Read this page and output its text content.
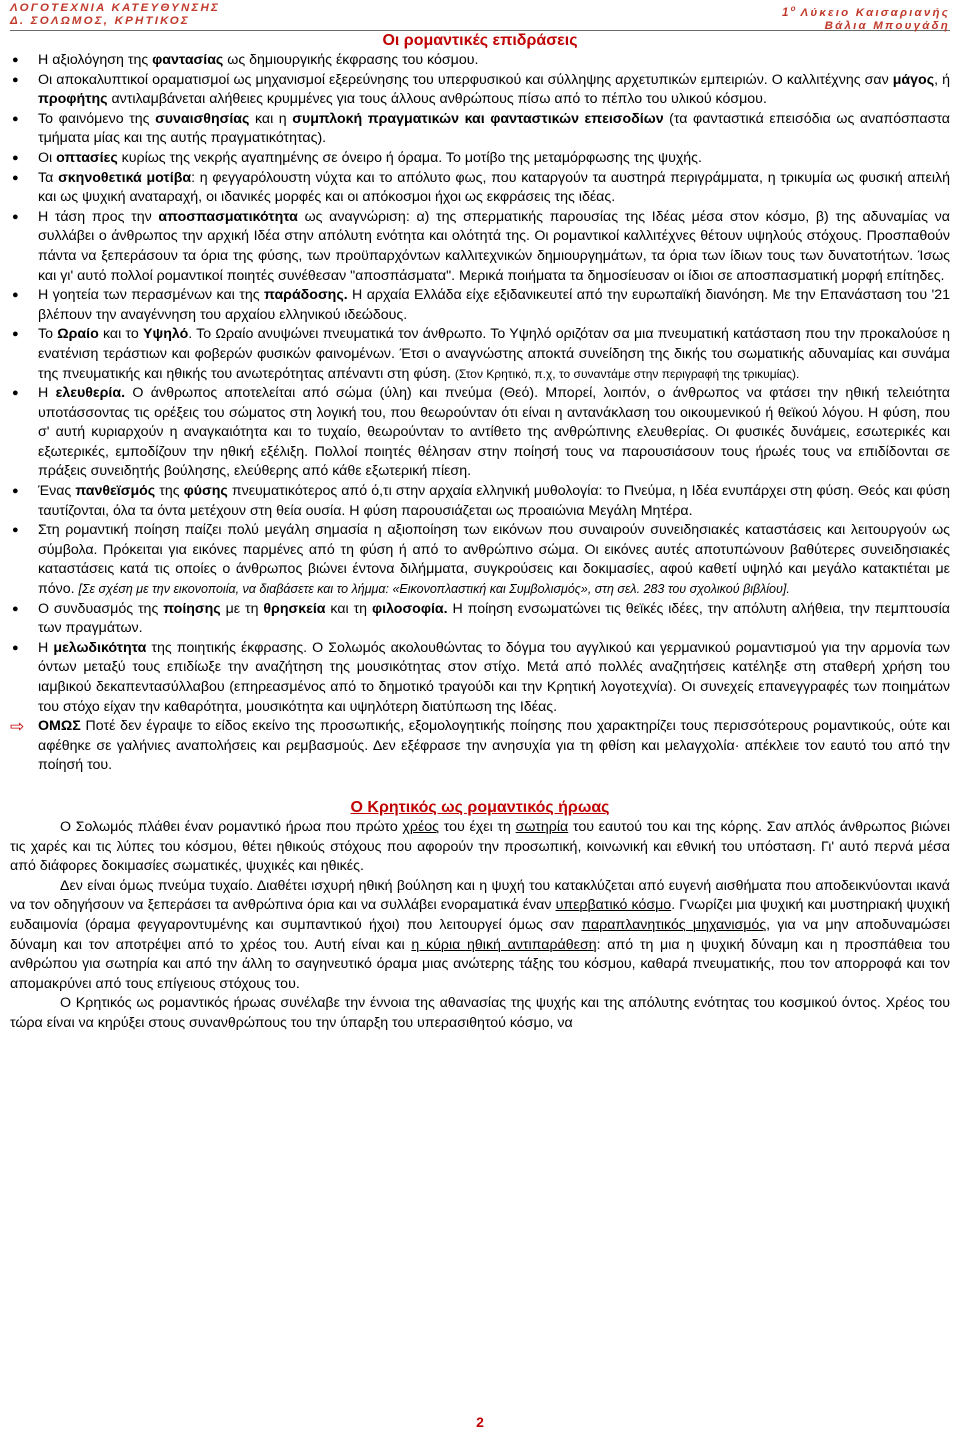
ΛΟΓΟΤΕΧΝΙΑ ΚΑΤΕΥΘΥΝΣΗΣ
Δ. ΣΟΛΩΜΟΣ, ΚΡΗΤΙΚΟΣ
$1^o$ Λύκειο Καισαριανής
Βάλια Μπουγάδη
Οι ρομαντικές επιδράσεις
●	Η αξιολόγηση της φαντασίας ως δημιουργικής έκφρασης του κόσμου.
●	Οι αποκαλυπτικοί οραματισμοί ως μηχανισμοί εξερεύνησης του υπερφυσικού και σύλληψης αρχετυπικών εμπειριών. Ο καλλιτέχνης σαν μάγος, ή προφήτης αντιλαμβάνεται αλήθειες κρυμμένες για τους άλλους ανθρώπους πίσω από το πέπλο του υλικού κόσμου.
●	Το φαινόμενο της συναισθησίας και η συμπλοκή πραγματικών και φανταστικών επεισοδίων (τα φανταστικά επεισόδια ως αναπόσπαστα τμήματα μίας και της αυτής πραγματικότητας).
●	Οι οπτασίες κυρίως της νεκρής αγαπημένης σε όνειρο ή όραμα. Το μοτίβο της μεταμόρφωσης της ψυχής.
●	Τα σκηνοθετικά μοτίβα: η φεγγαρόλουστη νύχτα και το απόλυτο φως, που καταργούν τα αυστηρά περιγράμματα, η τρικυμία ως φυσική απειλή και ως ψυχική αναταραχή, οι ιδανικές μορφές και οι απόκοσμοι ήχοι ως εκφράσεις της ιδέας.
●	Η τάση προς την αποσπασματικότητα ως αναγνώριση: α) της σπερματικής παρουσίας της Ιδέας μέσα στον κόσμο, β) της αδυναμίας να συλλάβει ο άνθρωπος την αρχική Ιδέα στην απόλυτη ενότητα και ολότητά της. Οι ρομαντικοί καλλιτέχνες θέτουν υψηλούς στόχους. Προσπαθούν πάντα να ξεπεράσουν τα όρια της φύσης, των προϋπαρχόντων καλλιτεχνικών δημιουργημάτων, τα όρια των ίδιων τους των δυνατοτήτων. Ίσως και γι' αυτό πολλοί ρομαντικοί ποιητές συνέθεσαν "αποσπάσματα". Μερικά ποιήματα τα δημοσίευσαν οι ίδιοι σε αποσπασματική μορφή επίτηδες.
●	Η γοητεία των περασμένων και της παράδοσης. Η αρχαία Ελλάδα είχε εξιδανικευτεί από την ευρωπαϊκή διανόηση. Με την Επανάσταση του '21 βλέπουν την αναγέννηση του αρχαίου ελληνικού ιδεώδους.
●	Το Ωραίο και το Υψηλό. Το Ωραίο ανυψώνει πνευματικά τον άνθρωπο. Το Υψηλό οριζόταν σα μια πνευματική κατάσταση που την προκαλούσε η ενατένιση τεράστιων και φοβερών φυσικών φαινομένων. Έτσι ο αναγνώστης αποκτά συνείδηση της δικής του σωματικής αδυναμίας και συνάμα της πνευματικής και ηθικής του ανωτερότητας απέναντι στη φύση. (Στον Κρητικό, π.χ, το συναντάμε στην περιγραφή της τρικυμίας).
●	Η ελευθερία. Ο άνθρωπος αποτελείται από σώμα (ύλη) και πνεύμα (Θεό). Μπορεί, λοιπόν, ο άνθρωπος να φτάσει την ηθική τελειότητα υποτάσσοντας τις ορέξεις του σώματος στη λογική του, που θεωρούνταν ότι είναι η αντανάκλαση του οικουμενικού ή θεϊκού λόγου. Η φύση, που σ' αυτή κυριαρχούν η αναγκαιότητα και το τυχαίο, θεωρούνταν το αντίθετο της ανθρώπινης ελευθερίας. Οι φυσικές δυνάμεις, εσωτερικές και εξωτερικές, εμποδίζουν την ηθική εξέλιξη. Πολλοί ποιητές θέλησαν στην ποίησή τους να παρουσιάσουν τους ήρωές τους να επιδίδονται σε πράξεις συνειδητής βούλησης, ελεύθερης από κάθε εξωτερική πίεση.
●	Ένας πανθεϊσμός της φύσης πνευματικότερος από ό,τι στην αρχαία ελληνική μυθολογία: το Πνεύμα, η Ιδέα ενυπάρχει στη φύση. Θεός και φύση ταυτίζονται, όλα τα όντα μετέχουν στη θεία ουσία. Η φύση παρουσιάζεται ως προαιώνια Μεγάλη Μητέρα.
●	Στη ρομαντική ποίηση παίζει πολύ μεγάλη σημασία η αξιοποίηση των εικόνων που συναιρούν συνειδησιακές καταστάσεις και λειτουργούν ως σύμβολα. Πρόκειται για εικόνες παρμένες από τη φύση ή από το ανθρώπινο σώμα. Οι εικόνες αυτές αποτυπώνουν βαθύτερες συνειδησιακές καταστάσεις κατά τις οποίες ο άνθρωπος βιώνει έντονα διλήμματα, συγκρούσεις και δοκιμασίες, αφού καθετί υψηλό και μεγάλο κατακτιέται με πόνο. [Σε σχέση με την εικονοποιία, να διαβάσετε και το λήμμα: «Εικονοπλαστική και Συμβολισμός», στη σελ. 283 του σχολικού βιβλίου].
●	Ο συνδυασμός της ποίησης με τη θρησκεία και τη φιλοσοφία. Η ποίηση ενσωματώνει τις θεϊκές ιδέες, την απόλυτη αλήθεια, την πεμπτουσία των πραγμάτων.
●	Η μελωδικότητα της ποιητικής έκφρασης. Ο Σολωμός ακολουθώντας το δόγμα του αγγλικού και γερμανικού ρομαντισμού για την αρμονία των όντων μεταξύ τους επιδίωξε την αναζήτηση της μουσικότητας στον στίχο. Μετά από πολλές αναζητήσεις κατέληξε στη σταθερή χρήση του ιαμβικού δεκαπεντασύλλαβου (επηρεασμένος από το δημοτικό τραγούδι και την Κρητική λογοτεχνία). Οι συνεχείς επανεγγραφές των ποιημάτων του στόχο είχαν την καθαρότητα, μουσικότητα και υψηλότερη διατύπωση της Ιδέας.
⇨ ΟΜΩΣ Ποτέ δεν έγραψε το είδος εκείνο της προσωπικής, εξομολογητικής ποίησης που χαρακτηρίζει τους περισσότερους ρομαντικούς, ούτε και αφέθηκε σε γαλήνιες αναπολήσεις και ρεμβασμούς. Δεν εξέφρασε την ανησυχία για τη φθίση και μελαγχολία· απέκλειε τον εαυτό του από την ποίησή του.
Ο Κρητικός ως ρομαντικός ήρωας

Ο Σολωμός πλάθει έναν ρομαντικό ήρωα που πρώτο χρέος του έχει τη σωτηρία του εαυτού του και της κόρης. Σαν απλός άνθρωπος βιώνει τις χαρές και τις λύπες του κόσμου, θέτει ηθικούς στόχους που αφορούν την προσωπική, κοινωνική και εθνική του υπόσταση. Γι' αυτό περνά μέσα από διάφορες δοκιμασίες σωματικές, ψυχικές και ηθικές.

Δεν είναι όμως πνεύμα τυχαίο. Διαθέτει ισχυρή ηθική βούληση και η ψυχή του κατακλύζεται από ευγενή αισθήματα που αποδεικνύονται ικανά να τον οδηγήσουν να ξεπεράσει τα ανθρώπινα όρια και να συλλάβει ενοραματικά έναν υπερβατικό κόσμο. Γνωρίζει μια ψυχική και μυστηριακή ψυχική ευδαιμονία (όραμα φεγγαροντυμένης και συμπαντικού ήχοι) που λειτουργεί όμως σαν παραπλανητικός μηχανισμός, για να μην αποδυναμώσει δύναμη και τον αποτρέψει από το χρέος του. Αυτή είναι και η κύρια ηθική αντιπαράθεση: από τη μια η ψυχική δύναμη και η προσπάθεια του ανθρώπου για σωτηρία και από την άλλη το σαγηνευτικό όραμα μιας ανώτερης τάξης του κόσμου, καθαρά πνευματικής, που τον απορροφά και τον απομακρύνει από τους επίγειους στόχους του.

Ο Κρητικός ως ρομαντικός ήρωας συνέλαβε την έννοια της αθανασίας της ψυχής και της απόλυτης ενότητας του κοσμικού όντος. Χρέος του τώρα είναι να κηρύξει στους συνανθρώπους του την ύπαρξη του υπερασιθητού κόσμο, να

2
